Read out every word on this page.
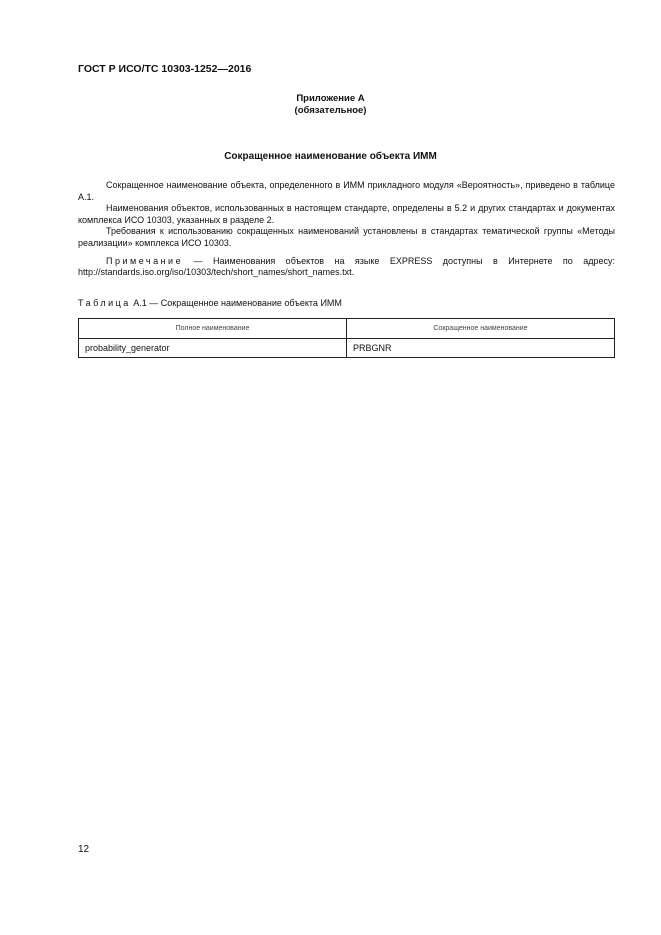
ГОСТ Р ИСО/ТС 10303-1252—2016
Приложение А
(обязательное)
Сокращенное наименование объекта ИММ

Сокращенное наименование объекта, определенного в ИММ прикладного модуля «Вероятность», приведено в таблице А.1.

Наименования объектов, использованных в настоящем стандарте, определены в 5.2 и других стандартах и документах комплекса ИСО 10303, указанных в разделе 2.

Требования к использованию сокращенных наименований установлены в стандартах тематической группы «Методы реализации» комплекса ИСО 10303.

Примечание — Наименования объектов на языке EXPRESS доступны в Интернете по адресу: http://standards.iso.org/iso/10303/tech/short_names/short_names.txt.

Таблица А.1 — Сокращенное наименование объекта ИММ
Полное наименование	Сокращенное наименование
probability_generator	PRBGNR
12
